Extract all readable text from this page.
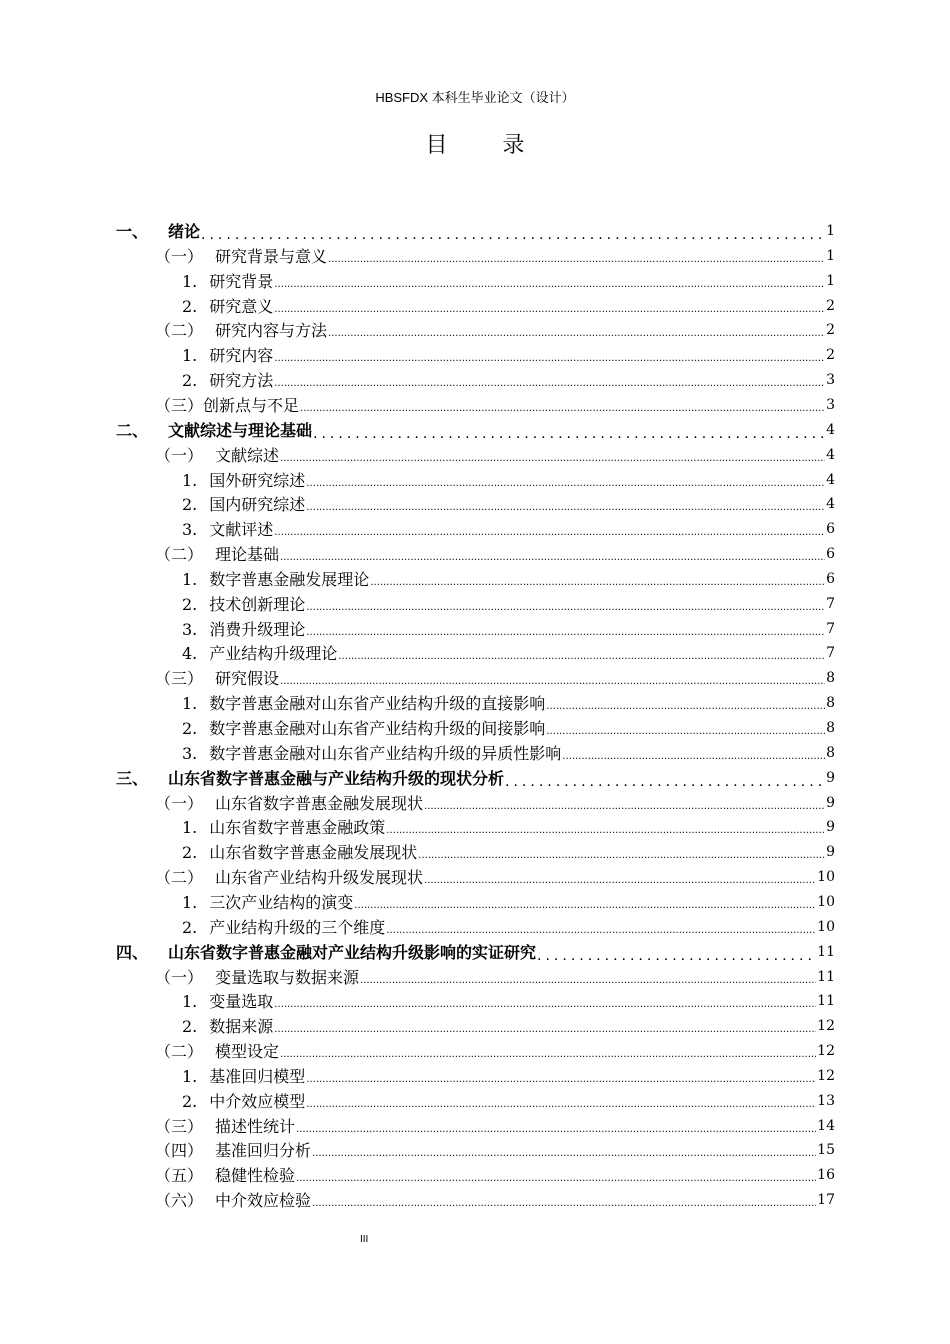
HBSFDX 本科生毕业论文（设计）
目 录
一、 绪论 .....	1
（一） 研究背景与意义 .....	1
1. 研究背景 .....	1
2. 研究意义 .....	2
（二） 研究内容与方法 .....	2
1. 研究内容 .....	2
2. 研究方法 .....	3
（三）创新点与不足 .....	3
二、 文献综述与理论基础 .....	4
（一） 文献综述 .....	4
1. 国外研究综述 .....	4
2. 国内研究综述 .....	4
3. 文献评述 .....	6
（二） 理论基础 .....	6
1. 数字普惠金融发展理论 .....	6
2. 技术创新理论 .....	7
3. 消费升级理论 .....	7
4. 产业结构升级理论 .....	7
（三） 研究假设 .....	8
1. 数字普惠金融对山东省产业结构升级的直接影响 .....	8
2. 数字普惠金融对山东省产业结构升级的间接影响 .....	8
3. 数字普惠金融对山东省产业结构升级的异质性影响 .....	8
三、 山东省数字普惠金融与产业结构升级的现状分析 .....	9
（一） 山东省数字普惠金融发展现状 .....	9
1. 山东省数字普惠金融政策 .....	9
2. 山东省数字普惠金融发展现状 .....	9
（二） 山东省产业结构升级发展现状 .....	10
1. 三次产业结构的演变 .....	10
2. 产业结构升级的三个维度 .....	10
四、 山东省数字普惠金融对产业结构升级影响的实证研究 .....	11
（一） 变量选取与数据来源 .....	11
1. 变量选取 .....	11
2. 数据来源 .....	12
（二） 模型设定 .....	12
1. 基准回归模型 .....	12
2. 中介效应模型 .....	13
（三） 描述性统计 .....	14
（四） 基准回归分析 .....	15
（五） 稳健性检验 .....	16
（六） 中介效应检验 .....	17
III
